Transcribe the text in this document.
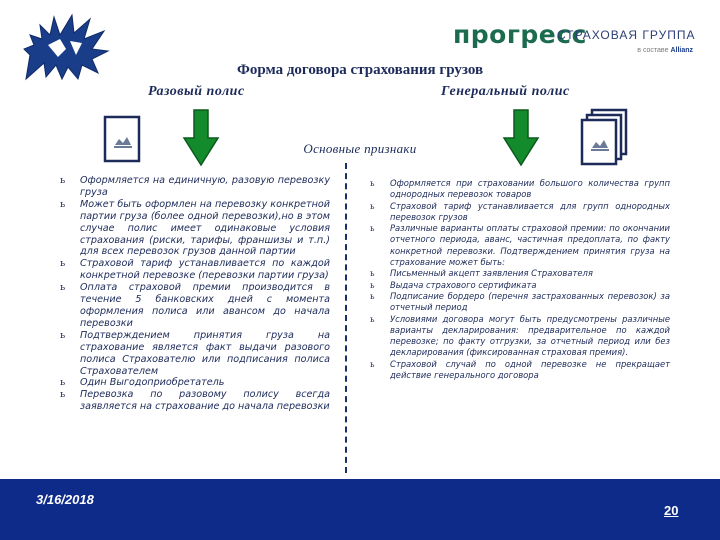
прогресс
СТРАХОВАЯ ГРУППА
в составе Allianz
Форма договора страхования грузов
Разовый полис	Генеральный полис
Основные признаки
ь Оформляется на единичную, разовую перевозку груза
ь Может быть оформлен на перевозку конкретной партии груза (более одной перевозки),но в этом случае полис имеет одинаковые условия страхования (риски, тарифы, франшизы и т.п.) для всех перевозок грузов данной партии
ь Страховой тариф устанавливается по каждой конкретной перевозке (перевозки партии груза)
ь Оплата страховой премии производится в течение 5 банковских дней с момента оформления полиса или авансом до начала перевозки
ь Подтверждением принятия груза на страхование является факт выдачи разового полиса Страхователю или подписания полиса Страхователем
ь Один Выгодоприобретатель
ь Перевозка по разовому полису всегда заявляется на страхование до начала перевозки
ь Оформляется при страховании большого количества групп однородных перевозок товаров
ь Страховой тариф устанавливается для групп однородных перевозок грузов
ь Различные варианты оплаты страховой премии: по окончании отчетного периода, аванс, частичная предоплата, по факту конкретной перевозки. Подтверждением принятия груза на страхование может быть:
ь Письменный акцепт заявления Страхователя
ь Выдача страхового сертификата
ь Подписание бордеро (перечня застрахованных перевозок) за отчетный период
ь Условиями договора могут быть предусмотрены различные варианты декларирования: предварительное по каждой перевозке; по факту отгрузки, за отчетный период или без декларирования (фиксированная страховая премия).
ь Страховой случай по одной перевозке не прекращает действие генерального договора
3/16/2018
20
